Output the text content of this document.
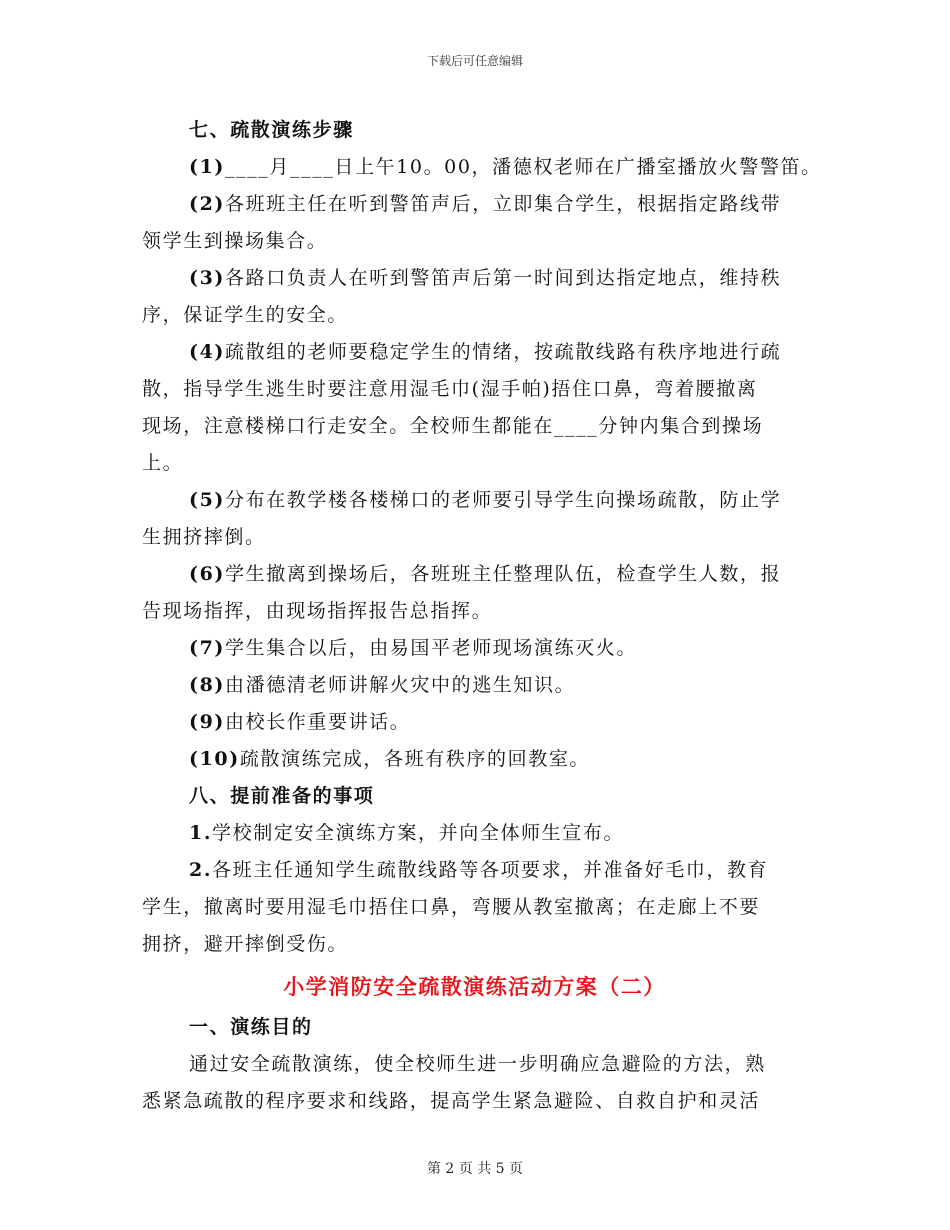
下载后可任意编辑
七、疏散演练步骤
(1)____月____日上午10。00，潘德权老师在广播室播放火警警笛。
(2)各班班主任在听到警笛声后，立即集合学生，根据指定路线带
领学生到操场集合。
(3)各路口负责人在听到警笛声后第一时间到达指定地点，维持秩
序，保证学生的安全。
(4)疏散组的老师要稳定学生的情绪，按疏散线路有秩序地进行疏
散，指导学生逃生时要注意用湿毛巾(湿手帕)捂住口鼻，弯着腰撤离
现场，注意楼梯口行走安全。全校师生都能在____分钟内集合到操场
上。
(5)分布在教学楼各楼梯口的老师要引导学生向操场疏散，防止学
生拥挤摔倒。
(6)学生撤离到操场后，各班班主任整理队伍，检查学生人数，报
告现场指挥，由现场指挥报告总指挥。
(7)学生集合以后，由易国平老师现场演练灭火。
(8)由潘德清老师讲解火灾中的逃生知识。
(9)由校长作重要讲话。
(10)疏散演练完成，各班有秩序的回教室。
八、提前准备的事项
1.学校制定安全演练方案，并向全体师生宣布。
2.各班主任通知学生疏散线路等各项要求，并准备好毛巾，教育
学生，撤离时要用湿毛巾捂住口鼻，弯腰从教室撤离；在走廊上不要
拥挤，避开摔倒受伤。
小学消防安全疏散演练活动方案（二）
一、演练目的
通过安全疏散演练，使全校师生进一步明确应急避险的方法，熟
悉紧急疏散的程序要求和线路，提高学生紧急避险、自救自护和灵活
第 2 页 共 5 页
